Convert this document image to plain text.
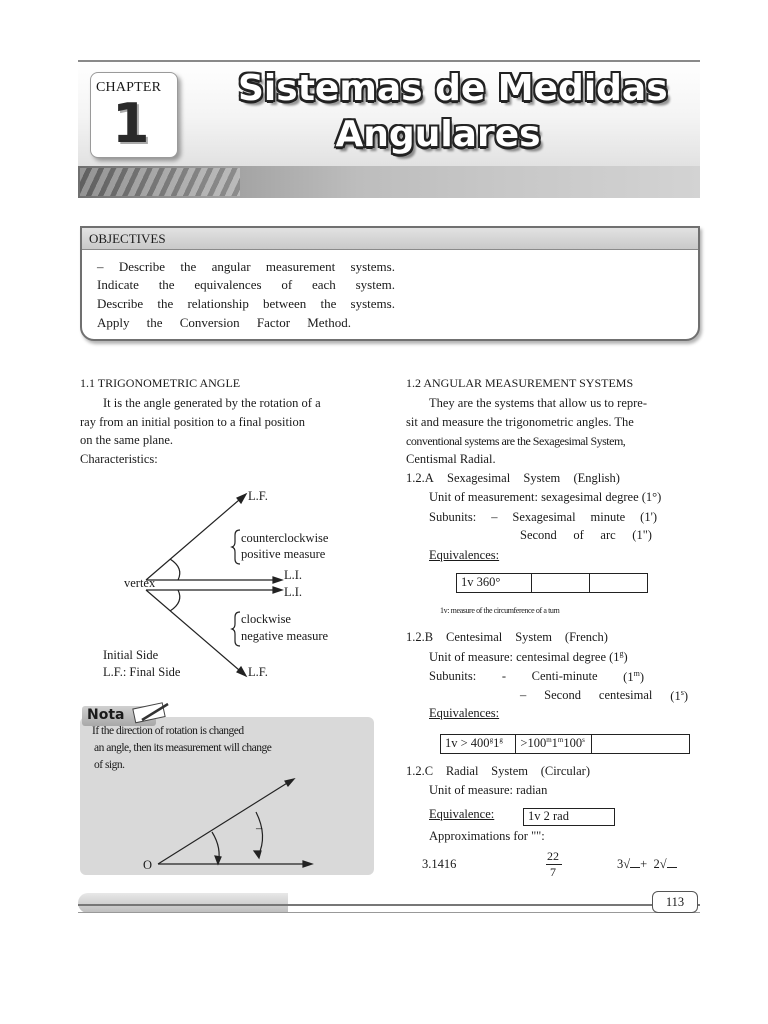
CHAPTER
1
Sistemas de Medidas
Angulares
OBJECTIVES
– Describe the angular measurement systems.
Indicate the equivalences of each system.
Describe the relationship between the systems.
Apply the Conversion Factor Method.
1.1 TRIGONOMETRIC ANGLE
It is the angle generated by the rotation of a
ray from an initial position to a final position
on the same plane.
Characteristics:
L.F.
counterclockwise
positive measure
L.I.
vertex
L.I.
clockwise
negative measure
Initial Side
L.F.: Final Side	L.F.
Nota
If the direction of rotation is changed
an angle, then its measurement will change
of sign.
O
–
1.2 ANGULAR MEASUREMENT SYSTEMS
They are the systems that allow us to repre-
sit and measure the trigonometric angles. The
conventional systems are the Sexagesimal System,
Centismal Radial.
1.2.A Sexagesimal System (English)
Unit of measurement: sexagesimal degree (1°)
Subunits: – Sexagesimal minute (1')
Second of arc (1")
Equivalences:
1v 360°
1v: measure of the circumference of a turn
1.2.B Centesimal System (French)
Unit of measure: centesimal degree (1$^g$)
Subunits: - Centi-minute (1$^m$)
– Second centesimal (1$^s$)
Equivalences:
$1v > 400^g1^g$	$>100^m1^m100^s$
1.2.C Radial System (Circular)
Unit of measure: radian
Equivalence:	1v 2 rad
Approximations for "":
3.1416
22
7
3√ + 2√
113
